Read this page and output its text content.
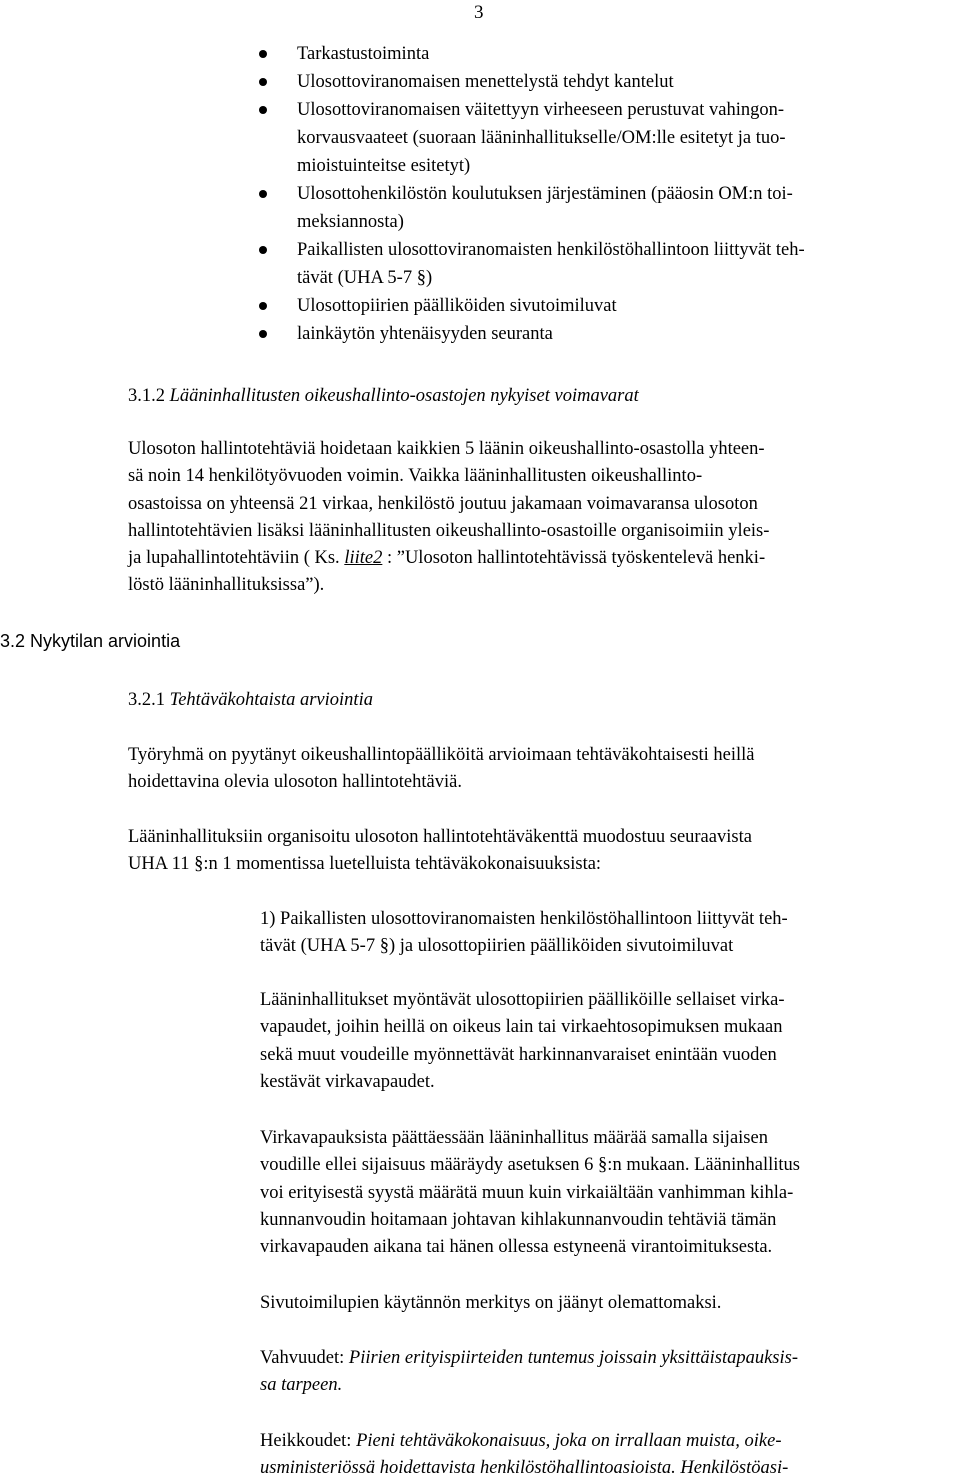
3
Tarkastustoiminta
Ulosottoviranomaisen menettelystä tehdyt kantelut
Ulosottoviranomaisen väitettyyn virheeseen perustuvat vahingon-
korvausvaateet (suoraan lääninhallitukselle/OM:lle esitetyt ja tuo-
mioistuinteitse esitetyt)
Ulosottohenkilöstön koulutuksen järjestäminen (pääosin OM:n toi-
meksiannosta)
Paikallisten ulosottoviranomaisten henkilöstöhallintoon liittyvät teh-
tävät (UHA 5-7 §)
Ulosottopiirien päälliköiden sivutoimiluvat
lainkäytön yhtenäisyyden seuranta
3.1.2 Lääninhallitusten oikeushallinto-osastojen nykyiset voimavarat
Ulosoton hallintotehtäviä hoidetaan kaikkien 5 läänin oikeushallinto-osastolla yhteen-
sä noin 14 henkilötyövuoden voimin. Vaikka lääninhallitusten oikeushallinto-
osastoissa on yhteensä 21 virkaa, henkilöstö joutuu jakamaan voimavaransa ulosoton
hallintotehtävien lisäksi lääninhallitusten oikeushallinto-osastoille organisoimiin yleis-
ja lupahallintotehtäviin ( Ks. liite2 : ”Ulosoton hallintotehtävissä työskentelevä henki-
löstö lääninhallituksissa”).
3.2 Nykytilan arviointia
3.2.1 Tehtäväkohtaista arviointia
Työryhmä on pyytänyt oikeushallintopäälliköitä arvioimaan tehtäväkohtaisesti heillä
hoidettavina olevia ulosoton hallintotehtäviä.
Lääninhallituksiin organisoitu ulosoton hallintotehtäväkenttä muodostuu seuraavista
UHA 11 §:n 1 momentissa luetelluista tehtäväkokonaisuuksista:
1) Paikallisten ulosottoviranomaisten henkilöstöhallintoon liittyvät teh-
tävät (UHA 5-7 §) ja ulosottopiirien päälliköiden sivutoimiluvat
Lääninhallitukset myöntävät ulosottopiirien päälliköille sellaiset virka-
vapaudet, joihin heillä on oikeus lain tai virkaehtosopimuksen mukaan
sekä muut voudeille myönnettävät harkinnanvaraiset enintään vuoden
kestävät virkavapaudet.
Virkavapauksista päättäessään lääninhallitus määrää samalla sijaisen
voudille ellei sijaisuus määräydy asetuksen 6 §:n mukaan. Lääninhallitus
voi erityisestä syystä määrätä muun kuin virkaiältään vanhimman kihla-
kunnanvoudin hoitamaan johtavan kihlakunnanvoudin tehtäviä tämän
virkavapauden aikana tai hänen ollessa estyneenä virantoimituksesta.
Sivutoimilupien käytännön merkitys on jäänyt olemattomaksi.
Vahvuudet: Piirien erityispiirteiden tuntemus joissain yksittäistapauksis-
sa tarpeen.
Heikkoudet: Pieni tehtäväkokonaisuus, joka on irrallaan muista, oike-
usministeriössä hoidettavista henkilöstöhallintoasioista. Henkilöstöasi-
